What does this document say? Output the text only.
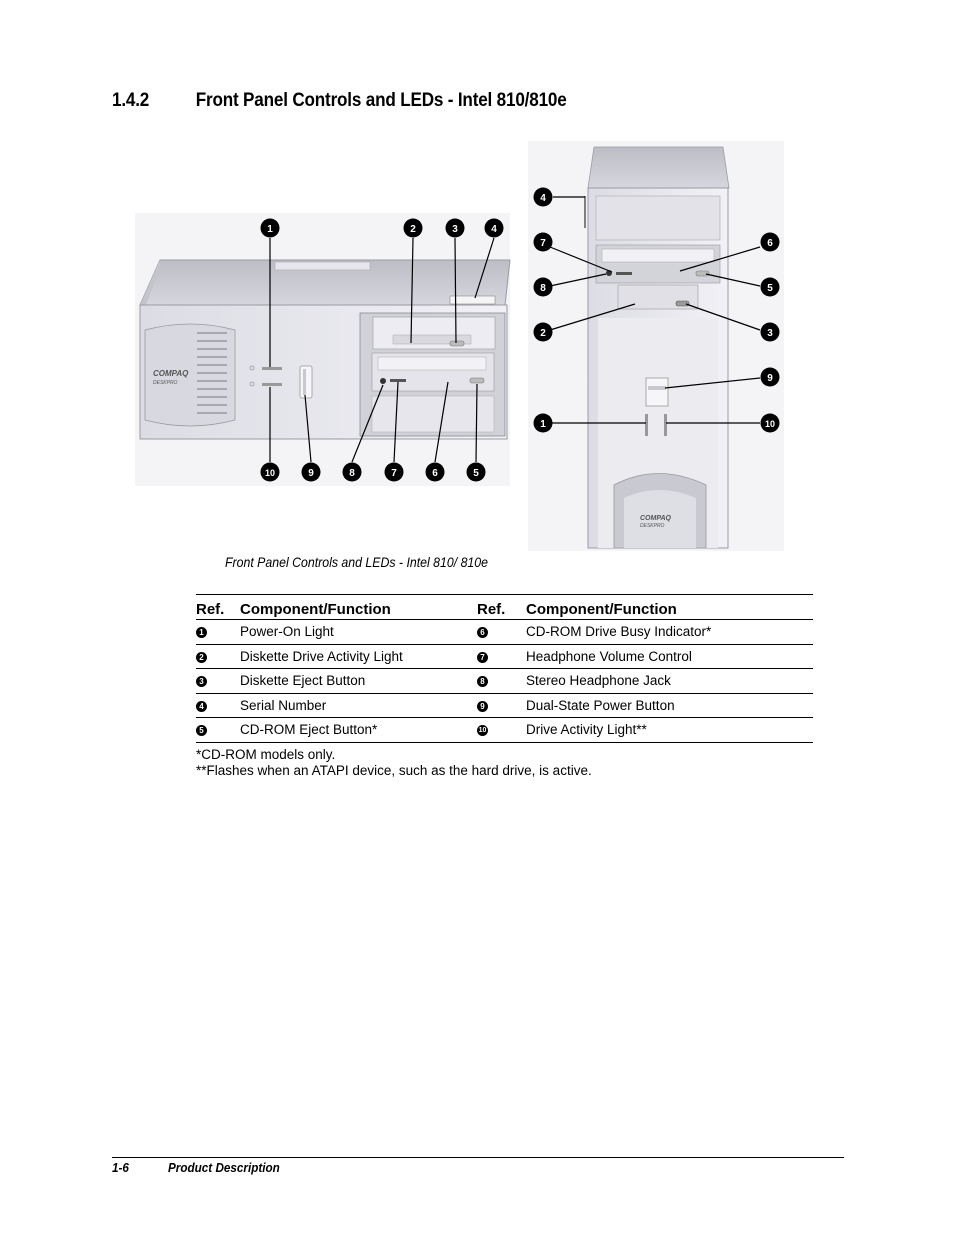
1.4.2 Front Panel Controls and LEDs - Intel 810/810e
COMPAQ
DESKPRO
COMPAQ
DESKPRO
1	2	3	4
10	9	8	7	6	5
4
7	6
8	5
2	3
9
1	10
Front Panel Controls and LEDs - Intel 810/ 810e
Ref.	Component/Function	Ref.	Component/Function
1	Power-On Light	6	CD-ROM Drive Busy Indicator*
2	Diskette Drive Activity Light	7	Headphone Volume Control
3	Diskette Eject Button	8	Stereo Headphone Jack
4	Serial Number	9	Dual-State Power Button
5	CD-ROM Eject Button*	10	Drive Activity Light**
*CD-ROM models only.
**Flashes when an ATAPI device, such as the hard drive, is active.
1-6	Product Description
